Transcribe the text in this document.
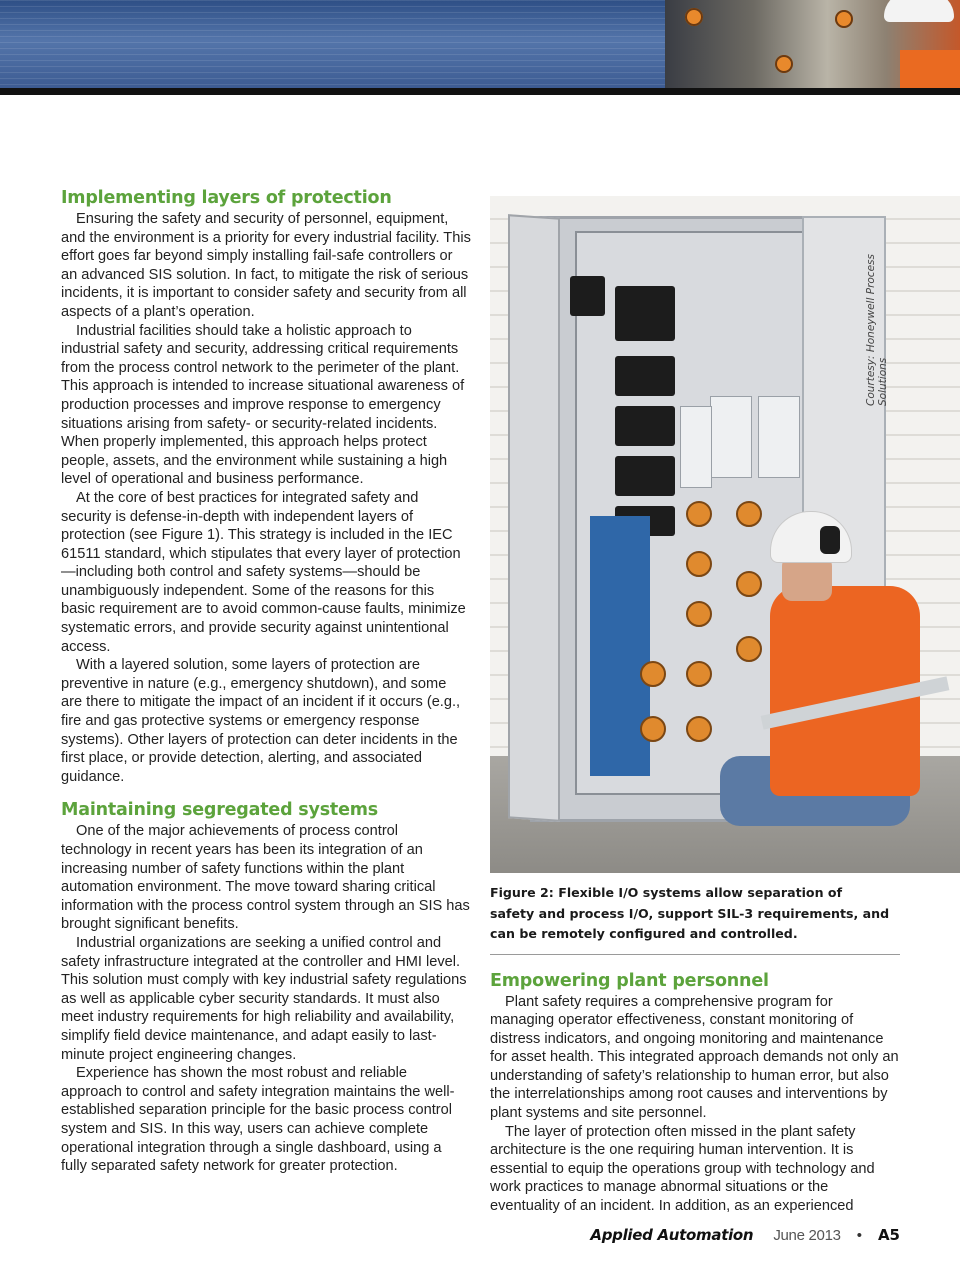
Implementing layers of protection

Ensuring the safety and security of personnel, equipment, and the environment is a priority for every industrial facility. This effort goes far beyond simply installing fail-safe controllers or an advanced SIS solution. In fact, to mitigate the risk of serious incidents, it is important to consider safety and security from all aspects of a plant’s operation.

Industrial facilities should take a holistic approach to industrial safety and security, addressing critical requirements from the process control network to the perimeter of the plant. This approach is intended to increase situational awareness of production processes and improve response to emergency situations arising from safety- or security-related incidents. When properly implemented, this approach helps protect people, assets, and the environment while sustaining a high level of operational and business performance.

At the core of best practices for integrated safety and security is defense-in-depth with independent layers of protection (see Figure 1). This strategy is included in the IEC 61511 standard, which stipulates that every layer of protection—including both control and safety systems—should be unambiguously independent. Some of the reasons for this basic requirement are to avoid common-cause faults, minimize systematic errors, and provide security against unintentional access.

With a layered solution, some layers of protection are preventive in nature (e.g., emergency shutdown), and some are there to mitigate the impact of an incident if it occurs (e.g., fire and gas protective systems or emergency response systems). Other layers of protection can deter incidents in the first place, or provide detection, alerting, and associated guidance.

Maintaining segregated systems

One of the major achievements of process control technology in recent years has been its integration of an increasing number of safety functions within the plant automation environment. The move toward sharing critical information with the process control system through an SIS has brought significant benefits.

Industrial organizations are seeking a unified control and safety infrastructure integrated at the controller and HMI level. This solution must comply with key industrial safety regulations as well as applicable cyber security standards. It must also meet industry requirements for high reliability and availability, simplify field device maintenance, and adapt easily to last-minute project engineering changes.

Experience has shown the most robust and reliable approach to control and safety integration maintains the well-established separation principle for the basic process control system and SIS. In this way, users can achieve complete operational integration through a single dashboard, using a fully separated safety network for greater protection.

Courtesy: Honeywell Process Solutions
Figure 2: Flexible I/O systems allow separation of safety and process I/O, support SIL-3 requirements, and can be remotely configured and controlled.
Empowering plant personnel

Plant safety requires a comprehensive program for managing operator effectiveness, constant monitoring of distress indicators, and ongoing monitoring and maintenance for asset health. This integrated approach demands not only an understanding of safety’s relationship to human error, but also the interrelationships among root causes and interventions by plant systems and site personnel.

The layer of protection often missed in the plant safety architecture is the one requiring human intervention. It is essential to equip the operations group with technology and work practices to manage abnormal situations or the eventuality of an incident. In addition, as an experienced

Applied Automation June 2013 • A5
